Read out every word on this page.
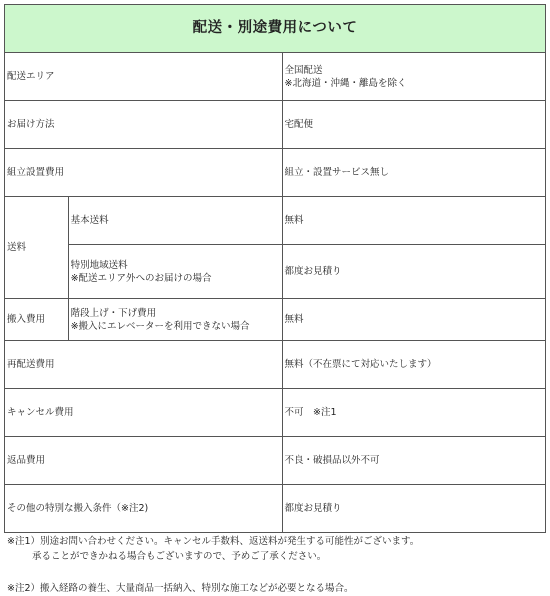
配送・別途費用について		
配送エリア		全国配送
※北海道・沖縄・離島を除く

お届け方法		宅配便
組立設置費用		組立・設置サービス無し
送料	基本送料	無料

	特別地域送料
※配送エリア外へのお届けの場合	都度お見積り
搬入費用	階段上げ・下げ費用
※搬入にエレベーターを利用できない場合	無料
再配送費用		無料（不在票にて対応いたします）
キャンセル費用		不可　※注1
返品費用		不良・破損品以外不可
その他の特別な搬入条件（※注2)		都度お見積り
※注1）別途お問い合わせください。キャンセル手数料、返送料が発生する可能性がございます。
承ることができかねる場合もございますので、予めご了承ください。
※注2）搬入経路の養生、大量商品一括納入、特別な施工などが必要となる場合。
